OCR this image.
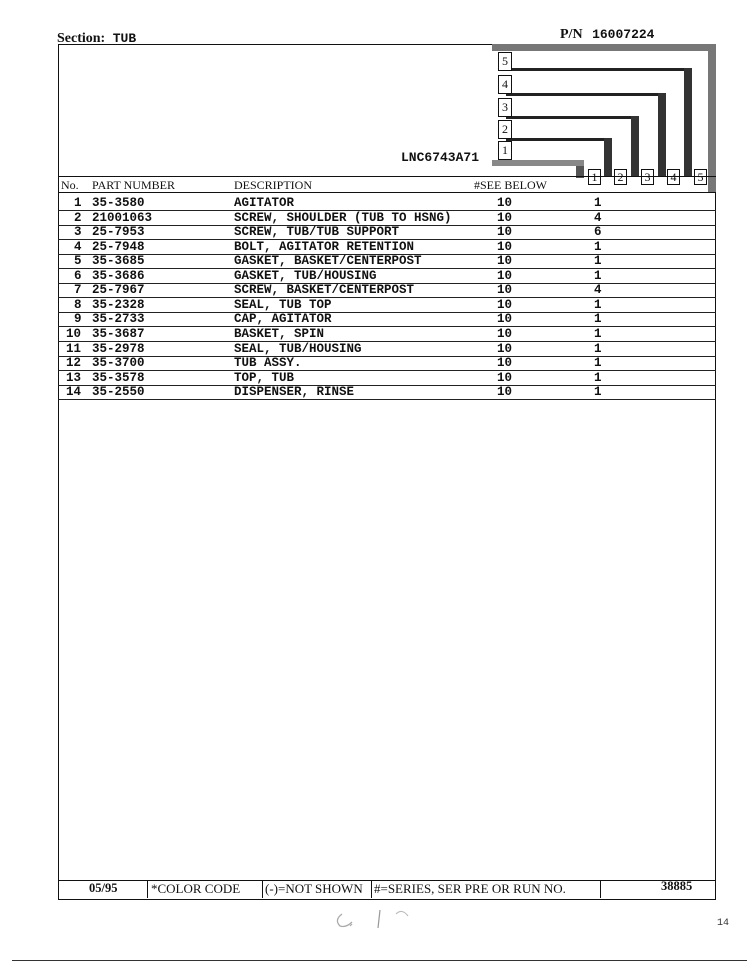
Section: TUB	P/N 16007224
5
4
3
2
1
1 2 3 4 5
LNC6743A71
No. PART NUMBER	DESCRIPTION	#SEE BELOW
1 35-3580	AGITATOR	10	1
2 21001063	SCREW, SHOULDER (TUB TO HSNG)	10	4
3 25-7953	SCREW, TUB/TUB SUPPORT	10	6
4 25-7948	BOLT, AGITATOR RETENTION	10	1
5 35-3685	GASKET, BASKET/CENTERPOST	10	1
6 35-3686	GASKET, TUB/HOUSING	10	1
7 25-7967	SCREW, BASKET/CENTERPOST	10	4
8 35-2328	SEAL, TUB TOP	10	1
9 35-2733	CAP, AGITATOR	10	1
10 35-3687	BASKET, SPIN	10	1
11 35-2978	SEAL, TUB/HOUSING	10	1
12 35-3700	TUB ASSY.	10	1
13 35-3578	TOP, TUB	10	1
14 35-2550	DISPENSER, RINSE	10	1
05/95	*COLOR CODE (-)=NOT SHOWN #=SERIES, SER PRE OR RUN NO.	38885
14
